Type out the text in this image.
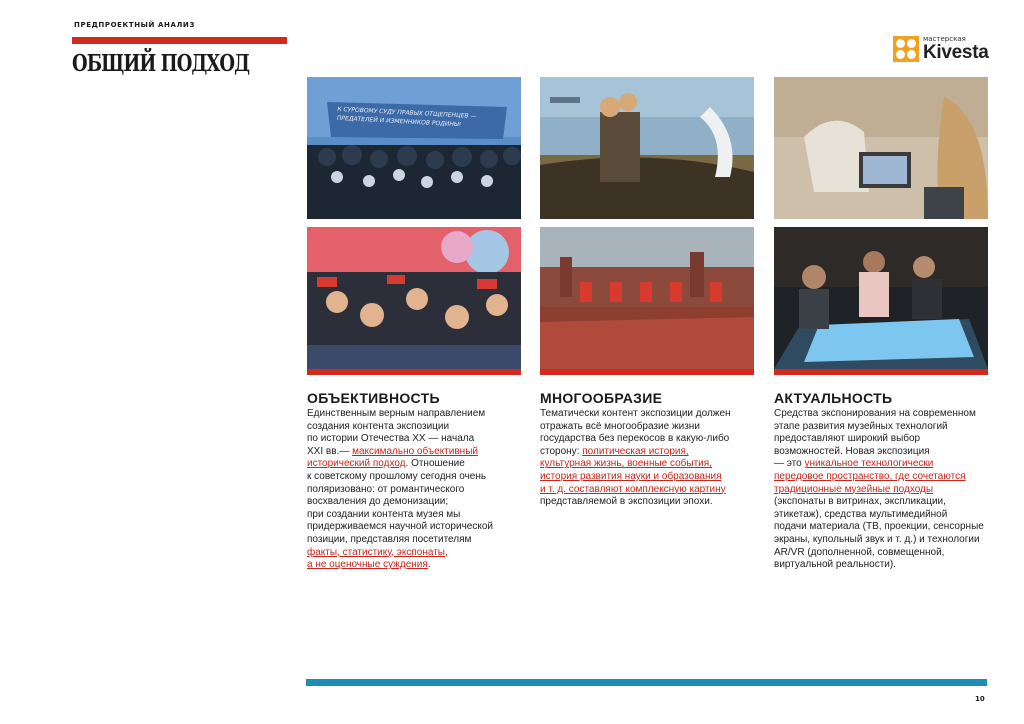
ПРЕДПРОЕКТНЫЙ АНАЛИЗ
ОБЩИЙ ПОДХОД
мастерская
Kivesta
К СУРОВОМУ СУДУ ПРАВЫХ ОТЩЕПЕНЦЕВ — ПРЕДАТЕЛЕЙ И ИЗМЕННИКОВ РОДИНЫ!
ОБЪЕКТИВНОСТЬ	МНОГООБРАЗИЕ	АКТУАЛЬНОСТЬ
Единственным верным направлением
создания контента экспозиции
по истории Отечества XX — начала
XXI вв.— максимально объективный
исторический подход. Отношение
к советскому прошлому сегодня очень
поляризовано: от романтического
восхваления до демонизации;
при создании контента музея мы
придерживаемся научной исторической
позиции, представляя посетителям
факты, статистику, экспонаты,
а не оценочные суждения.
Тематически контент экспозиции должен
отражать всё многообразие жизни
государства без перекосов в какую-либо
сторону: политическая история,
культурная жизнь, военные события,
история развития науки и образования
и т. д. составляют комплексную картину
представляемой в экспозиции эпохи.
Средства экспонирования на современном
этапе развития музейных технологий
предоставляют широкий выбор
возможностей. Новая экспозиция
— это уникальное технологически
передовое пространство, где сочетаются
традиционные музейные подходы
(экспонаты в витринах, экспликации,
этикетаж), средства мультимедийной
подачи материала (ТВ, проекции, сенсорные
экраны, купольный звук и т. д.) и технологии
AR/VR (дополненной, совмещенной,
виртуальной реальности).
10
